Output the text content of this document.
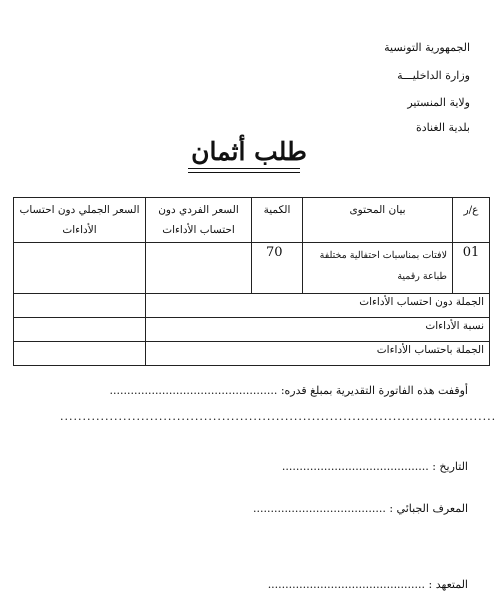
الجمهورية التونسية
وزارة الداخليـــة
ولاية المنستير
بلدية الغنادة
طلب أثمان
ع/ر	بيان المحتوى	الكمية	السعر الفردي دون احتساب الأداءات	السعر الجملي دون احتساب الأداءات
01	لافتات بمناسبات احتفالية مختلفة طباعة رقمية	70		
الجملة دون احتساب الأداءات				
نسبة الأداءات				
الجملة باحتساب الأداءات				
أوقفت هذه الفاتورة التقديرية بمبلغ قدره: ................................................
.................................................................................................
التاريخ : ..........................................
المعرف الجبائي : ......................................
المتعهد : .............................................
